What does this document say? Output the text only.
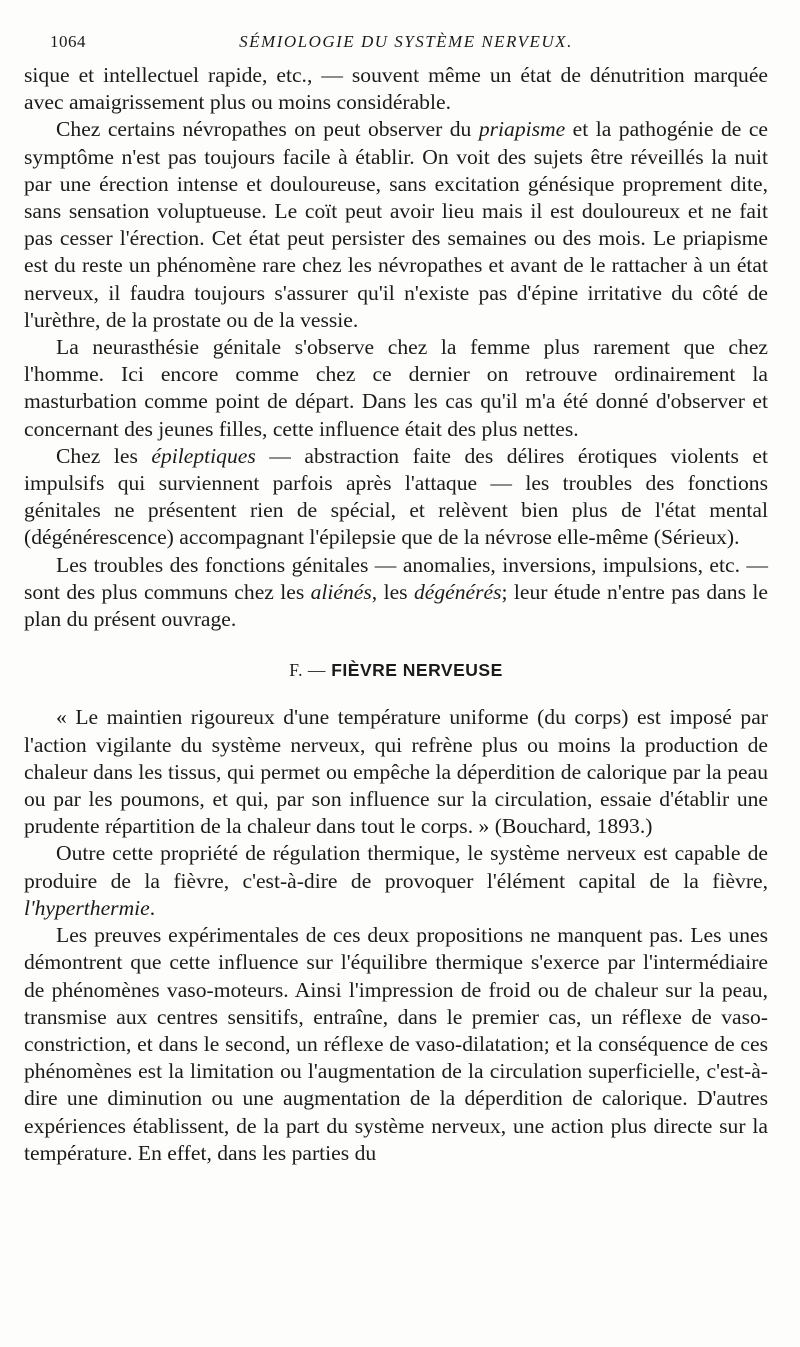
1064	SÉMIOLOGIE DU SYSTÈME NERVEUX.

sique et intellectuel rapide, etc., — souvent même un état de dénutrition marquée avec amaigrissement plus ou moins considérable.

Chez certains névropathes on peut observer du priapisme et la pathogénie de ce symptôme n'est pas toujours facile à établir. On voit des sujets être réveillés la nuit par une érection intense et douloureuse, sans excitation génésique proprement dite, sans sensation voluptueuse. Le coït peut avoir lieu mais il est douloureux et ne fait pas cesser l'érection. Cet état peut persister des semaines ou des mois. Le priapisme est du reste un phénomène rare chez les névropathes et avant de le rattacher à un état nerveux, il faudra toujours s'assurer qu'il n'existe pas d'épine irritative du côté de l'urèthre, de la prostate ou de la vessie.

La neurasthésie génitale s'observe chez la femme plus rarement que chez l'homme. Ici encore comme chez ce dernier on retrouve ordinairement la masturbation comme point de départ. Dans les cas qu'il m'a été donné d'observer et concernant des jeunes filles, cette influence était des plus nettes.

Chez les épileptiques — abstraction faite des délires érotiques violents et impulsifs qui surviennent parfois après l'attaque — les troubles des fonctions génitales ne présentent rien de spécial, et relèvent bien plus de l'état mental (dégénérescence) accompagnant l'épilepsie que de la névrose elle-même (Sérieux).

Les troubles des fonctions génitales — anomalies, inversions, impulsions, etc. — sont des plus communs chez les aliénés, les dégénérés; leur étude n'entre pas dans le plan du présent ouvrage.

F. — FIÈVRE NERVEUSE

« Le maintien rigoureux d'une température uniforme (du corps) est imposé par l'action vigilante du système nerveux, qui refrène plus ou moins la production de chaleur dans les tissus, qui permet ou empêche la déperdition de calorique par la peau ou par les poumons, et qui, par son influence sur la circulation, essaie d'établir une prudente répartition de la chaleur dans tout le corps. » (Bouchard, 1893.)

Outre cette propriété de régulation thermique, le système nerveux est capable de produire de la fièvre, c'est-à-dire de provoquer l'élément capital de la fièvre, l'hyperthermie.

Les preuves expérimentales de ces deux propositions ne manquent pas. Les unes démontrent que cette influence sur l'équilibre thermique s'exerce par l'intermédiaire de phénomènes vaso-moteurs. Ainsi l'impression de froid ou de chaleur sur la peau, transmise aux centres sensitifs, entraîne, dans le premier cas, un réflexe de vaso-constriction, et dans le second, un réflexe de vaso-dilatation; et la conséquence de ces phénomènes est la limitation ou l'augmentation de la circulation superficielle, c'est-à-dire une diminution ou une augmentation de la déperdition de calorique. D'autres expériences établissent, de la part du système nerveux, une action plus directe sur la température. En effet, dans les parties du
